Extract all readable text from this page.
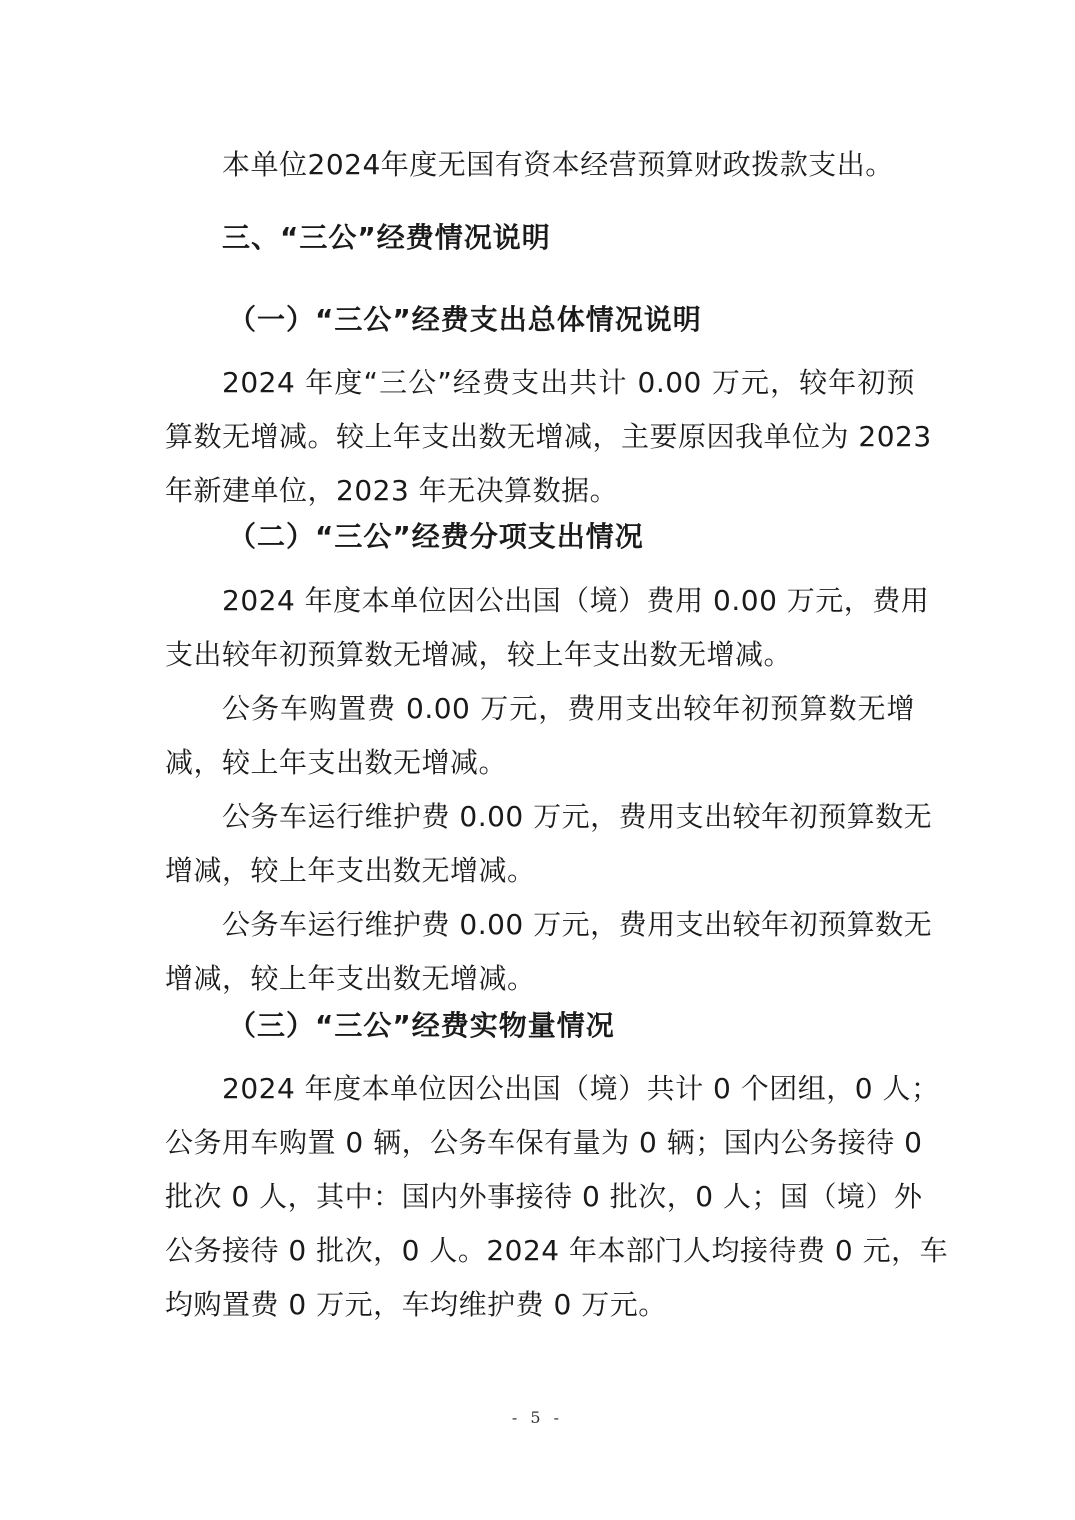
本单位2024年度无国有资本经营预算财政拨款支出。
三、“三公”经费情况说明
（一）“三公”经费支出总体情况说明
2024 年度“三公”经费支出共计 0.00 万元，较年初预
算数无增减。较上年支出数无增减，主要原因我单位为 2023
年新建单位，2023 年无决算数据。
（二）“三公”经费分项支出情况
2024 年度本单位因公出国（境）费用 0.00 万元，费用
支出较年初预算数无增减，较上年支出数无增减。
公务车购置费 0.00 万元，费用支出较年初预算数无增
减，较上年支出数无增减。
公务车运行维护费 0.00 万元，费用支出较年初预算数无
增减，较上年支出数无增减。
公务车运行维护费 0.00 万元，费用支出较年初预算数无
增减，较上年支出数无增减。
（三）“三公”经费实物量情况
2024 年度本单位因公出国（境）共计 0 个团组，0 人；
公务用车购置 0 辆，公务车保有量为 0 辆；国内公务接待 0
批次 0 人，其中：国内外事接待 0 批次，0 人；国（境）外
公务接待 0 批次，0 人。2024 年本部门人均接待费 0 元，车
均购置费 0 万元，车均维护费 0 万元。
- 5 -
